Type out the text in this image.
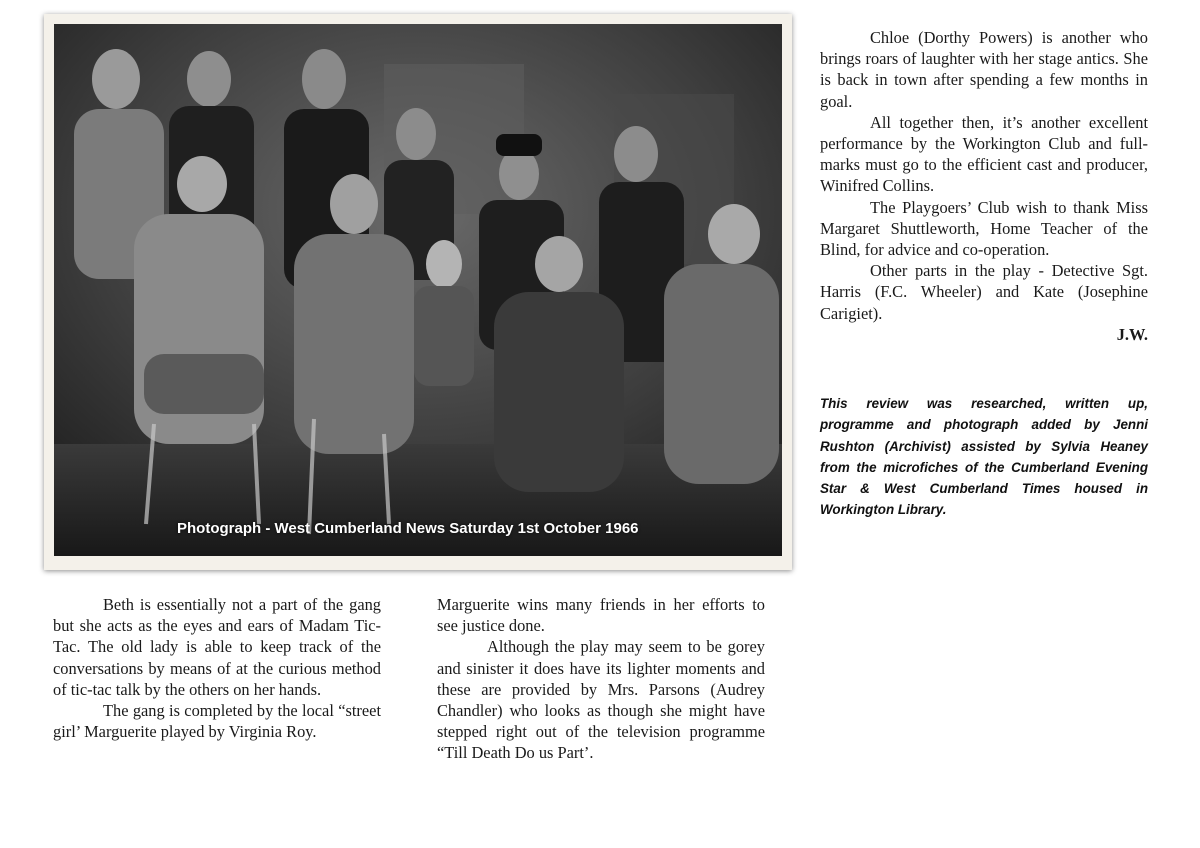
Photograph - West Cumberland News Saturday 1st October 1966

Chloe (Dorthy Powers) is another who brings roars of laughter with her stage antics. She is back in town after spending a few months in goal.

All together then, it’s another excellent performance by the Workington Club and full-marks must go to the efficient cast and producer, Winifred Collins.

The Playgoers’ Club wish to thank Miss Margaret Shuttleworth, Home Teacher of the Blind, for advice and co-operation.

Other parts in the play - Detective Sgt. Harris (F.C. Wheeler) and Kate (Josephine Carigiet).

J.W.

This review was researched, written up, programme and photograph added by Jenni Rushton (Archivist) assisted by Sylvia Heaney from the microfiches of the Cumberland Evening Star & West Cumberland Times housed in Workington Library.

Beth is essentially not a part of the gang but she acts as the eyes and ears of Madam Tic-Tac. The old lady is able to keep track of the conversations by means of at the curious method of tic-tac talk by the others on her hands.

The gang is completed by the local “street girl’ Marguerite played by Virginia Roy.

Marguerite wins many friends in her efforts to see justice done.

Although the play may seem to be gorey and sinister it does have its lighter moments and these are provided by Mrs. Parsons (Audrey Chandler) who looks as though she might have stepped right out of the television programme “Till Death Do us Part’.
